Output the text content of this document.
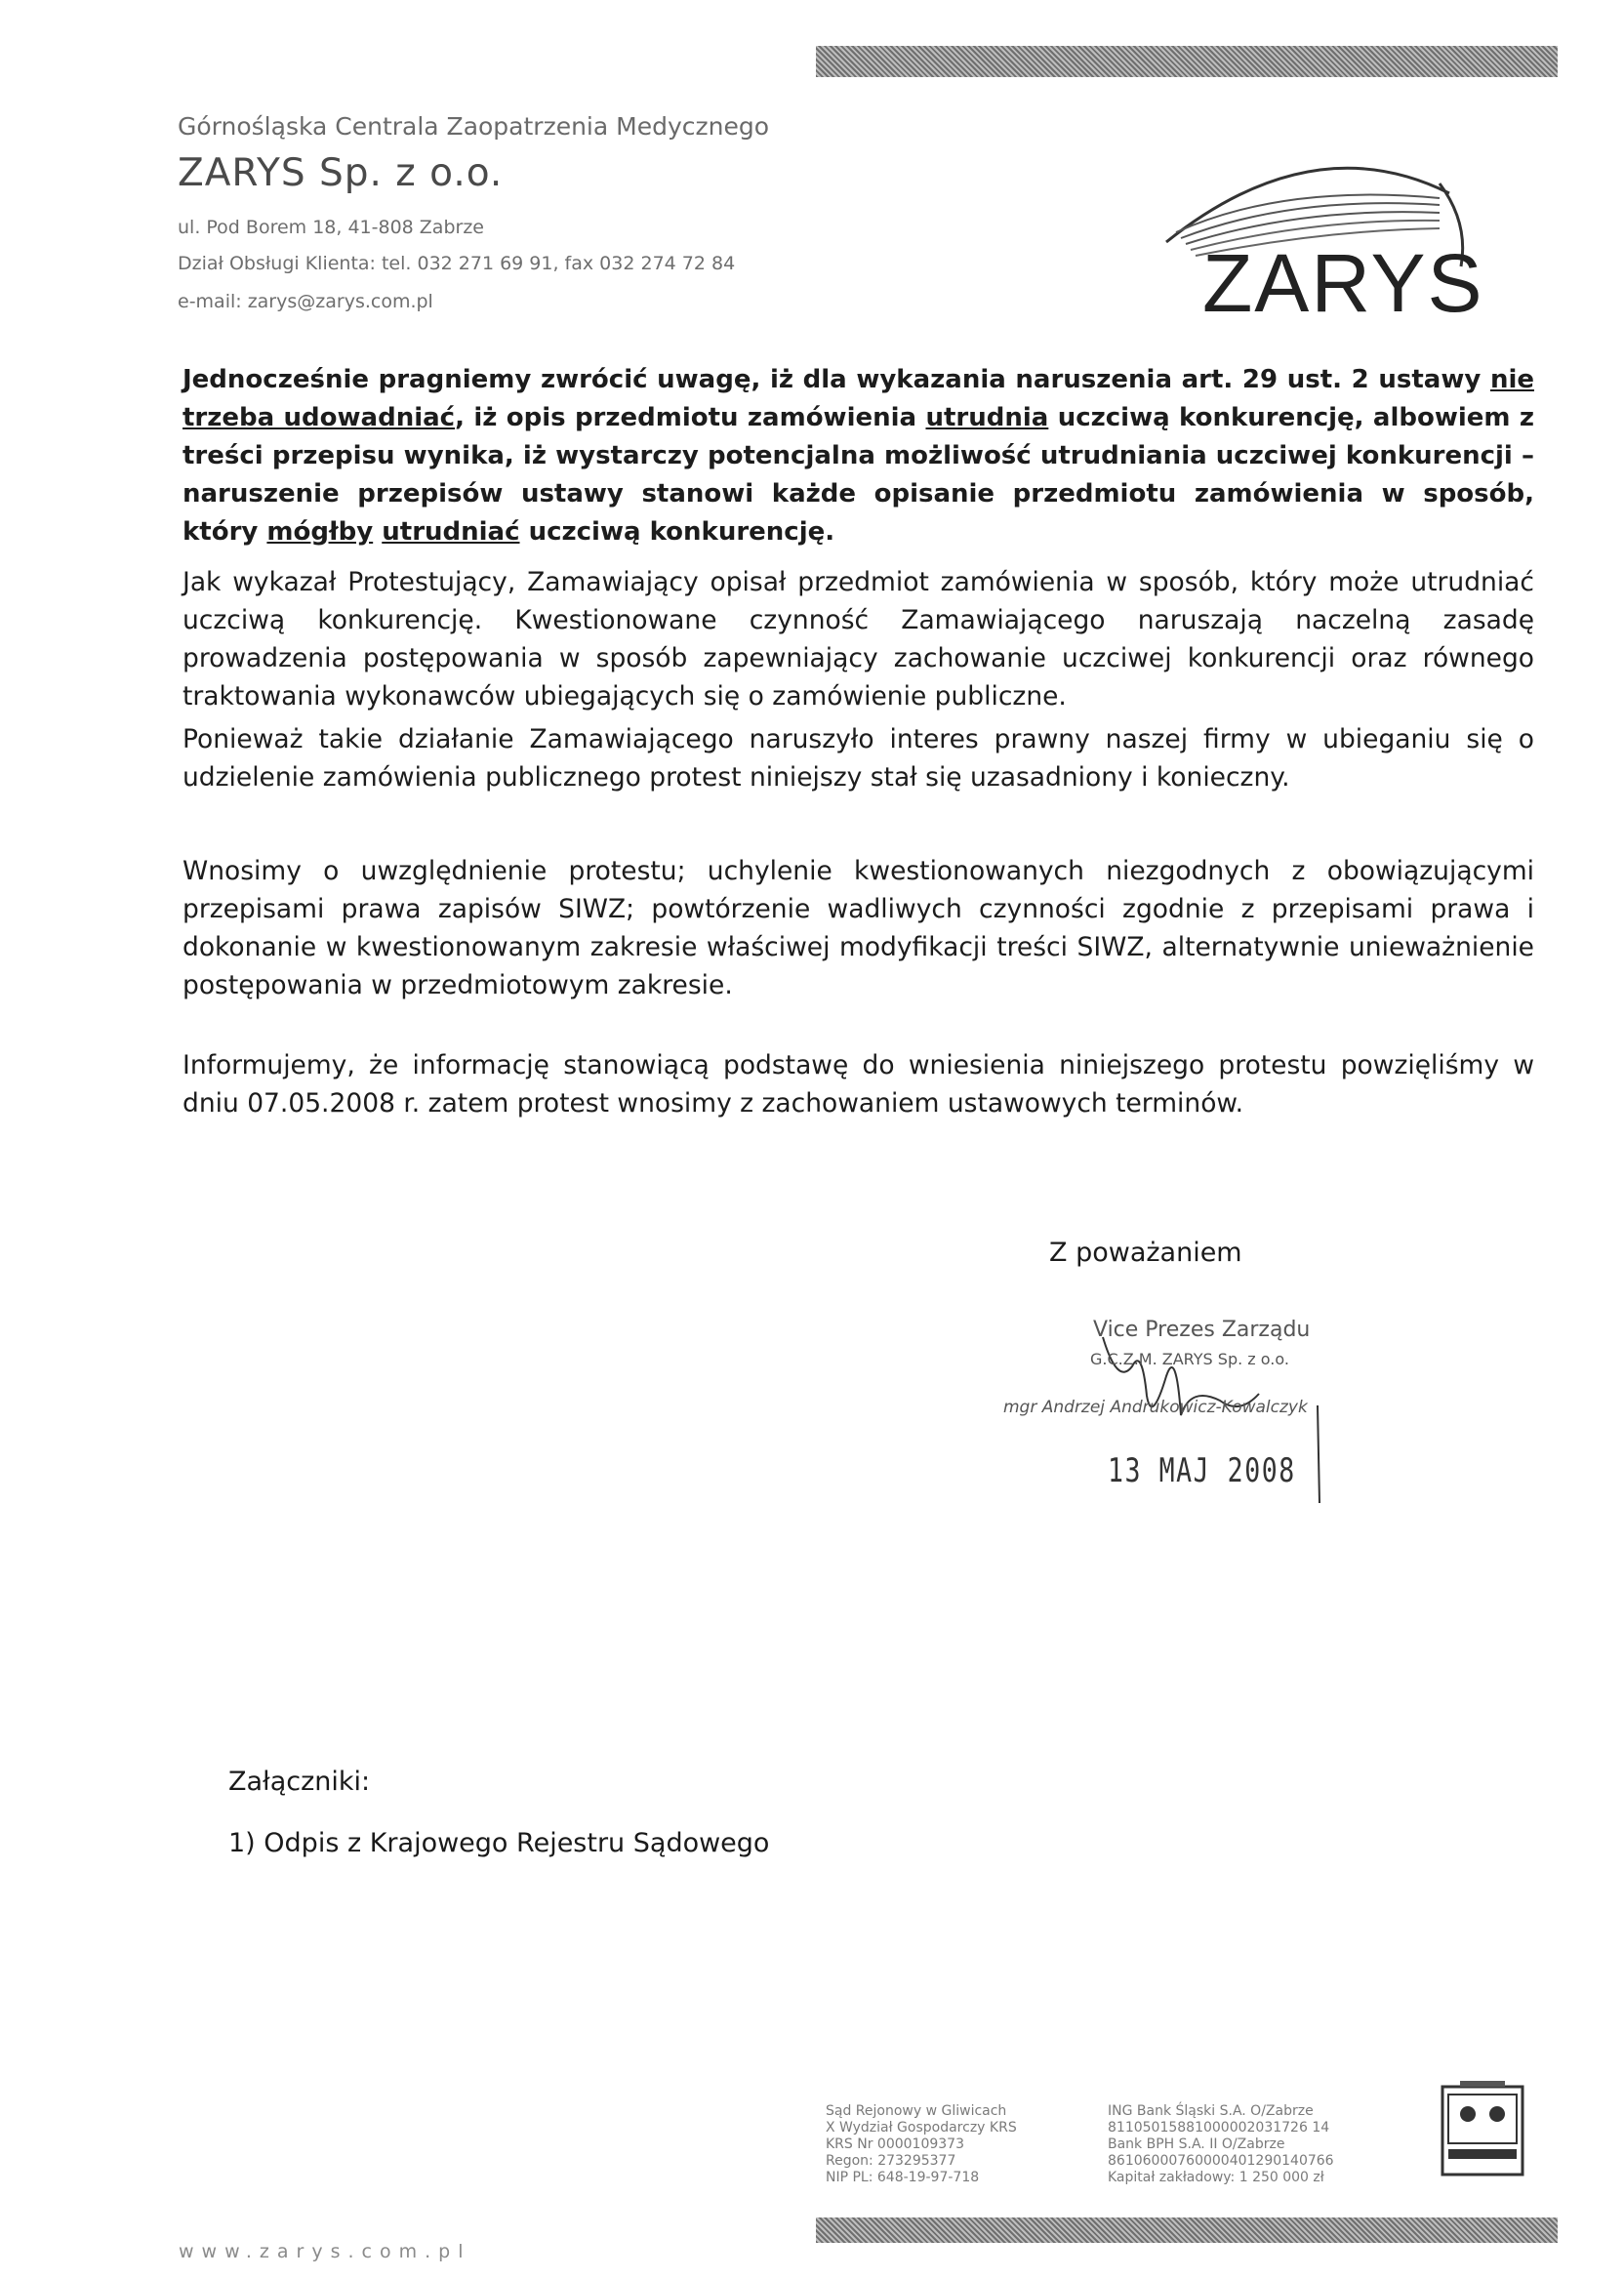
Górnośląska Centrala Zaopatrzenia Medycznego
ZARYS Sp. z o.o.
ul. Pod Borem 18, 41-808 Zabrze
Dział Obsługi Klienta: tel. 032 271 69 91, fax 032 274 72 84
e-mail: zarys@zarys.com.pl	ZARYS
Jednocześnie pragniemy zwrócić uwagę, iż dla wykazania naruszenia art. 29 ust. 2 ustawy nie trzeba udowadniać, iż opis przedmiotu zamówienia utrudnia uczciwą konkurencję, albowiem z treści przepisu wynika, iż wystarczy potencjalna możliwość utrudniania uczciwej konkurencji – naruszenie przepisów ustawy stanowi każde opisanie przedmiotu zamówienia w sposób, który mógłby utrudniać uczciwą konkurencję.
Jak wykazał Protestujący, Zamawiający opisał przedmiot zamówienia w sposób, który może utrudniać uczciwą konkurencję. Kwestionowane czynność Zamawiającego naruszają naczelną zasadę prowadzenia postępowania w sposób zapewniający zachowanie uczciwej konkurencji oraz równego traktowania wykonawców ubiegających się o zamówienie publiczne.
Ponieważ takie działanie Zamawiającego naruszyło interes prawny naszej firmy w ubieganiu się o udzielenie zamówienia publicznego protest niniejszy stał się uzasadniony i konieczny.
Wnosimy o uwzględnienie protestu; uchylenie kwestionowanych niezgodnych z obowiązującymi przepisami prawa zapisów SIWZ; powtórzenie wadliwych czynności zgodnie z przepisami prawa i dokonanie w kwestionowanym zakresie właściwej modyfikacji treści SIWZ, alternatywnie unieważnienie postępowania w przedmiotowym zakresie.
Informujemy, że informację stanowiącą podstawę do wniesienia niniejszego protestu powzięliśmy w dniu 07.05.2008 r. zatem protest wnosimy z zachowaniem ustawowych terminów.
Z poważaniem
Vice Prezes Zarządu
G.C.Z.M. ZARYS Sp. z o.o.
mgr Andrzej Andrukowicz-Kowalczyk
13 MAJ 2008
Załączniki:
1) Odpis z Krajowego Rejestru Sądowego
Sąd Rejonowy w Gliwicach
X Wydział Gospodarczy KRS
KRS Nr 0000109373
Regon: 273295377
NIP PL: 648-19-97-718
ING Bank Śląski S.A. O/Zabrze
81105015881000002031726 14
Bank BPH S.A. II O/Zabrze
86106000760000401290140766
Kapitał zakładowy: 1 250 000 zł
www.zarys.com.pl
